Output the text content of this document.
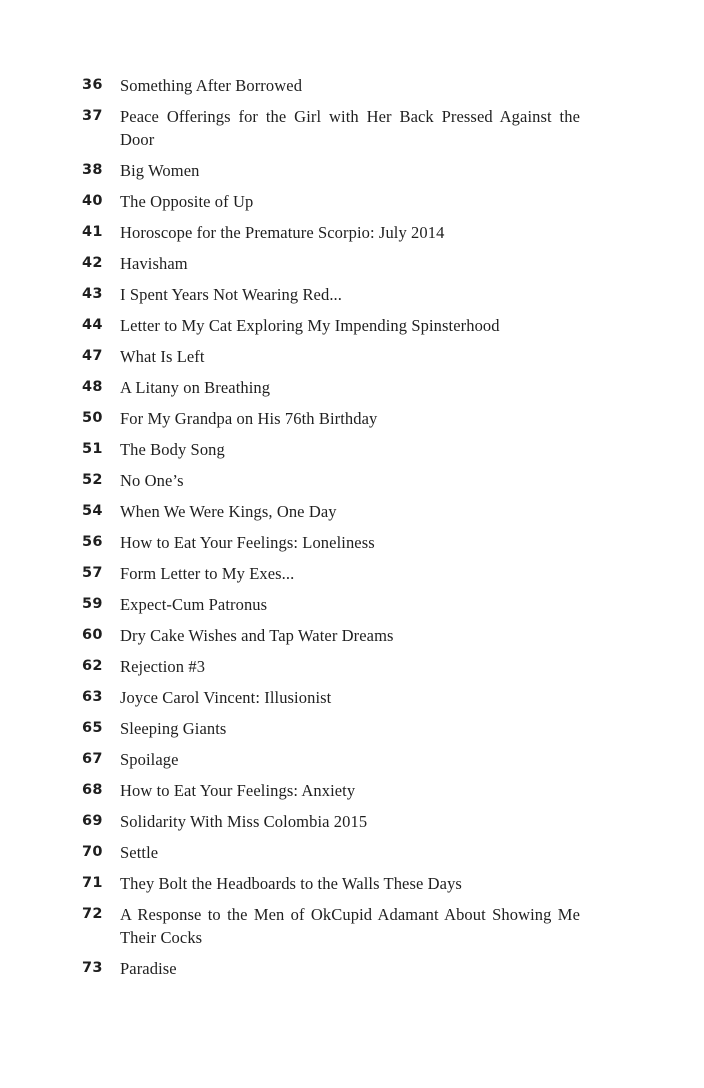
36	Something After Borrowed
37	Peace Offerings for the Girl with Her Back Pressed Against the Door
38	Big Women
40	The Opposite of Up
41	Horoscope for the Premature Scorpio: July 2014
42	Havisham
43	I Spent Years Not Wearing Red...
44	Letter to My Cat Exploring My Impending Spinsterhood
47	What Is Left
48	A Litany on Breathing
50	For My Grandpa on His 76th Birthday
51	The Body Song
52	No One’s
54	When We Were Kings, One Day
56	How to Eat Your Feelings: Loneliness
57	Form Letter to My Exes...
59	Expect-Cum Patronus
60	Dry Cake Wishes and Tap Water Dreams
62	Rejection #3
63	Joyce Carol Vincent: Illusionist
65	Sleeping Giants
67	Spoilage
68	How to Eat Your Feelings: Anxiety
69	Solidarity With Miss Colombia 2015
70	Settle
71	They Bolt the Headboards to the Walls These Days
72	A Response to the Men of OkCupid Adamant About Showing Me Their Cocks
73	Paradise
